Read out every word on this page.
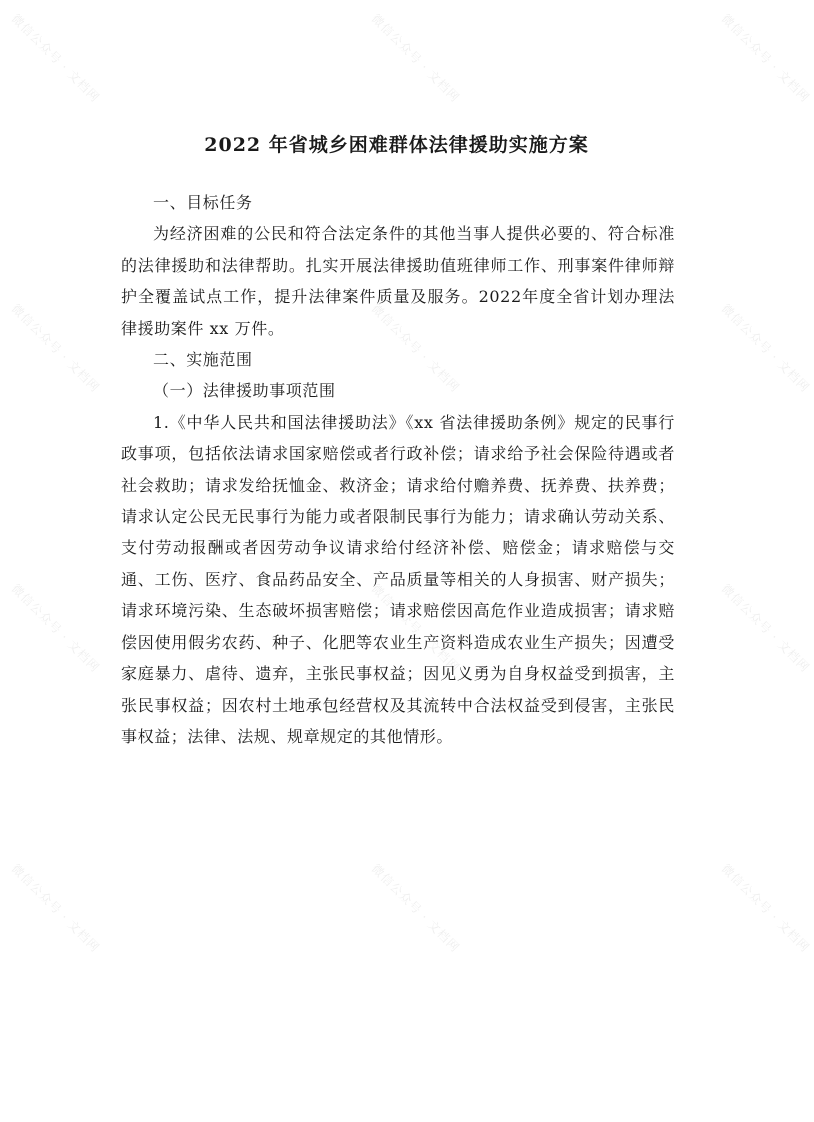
2022 年省城乡困难群体法律援助实施方案

一、目标任务

为经济困难的公民和符合法定条件的其他当事人提供必要的、符合标准的法律援助和法律帮助。扎实开展法律援助值班律师工作、刑事案件律师辩护全覆盖试点工作，提升法律案件质量及服务。2022年度全省计划办理法律援助案件 xx 万件。

二、实施范围

（一）法律援助事项范围

1.《中华人民共和国法律援助法》《xx 省法律援助条例》规定的民事行政事项，包括依法请求国家赔偿或者行政补偿；请求给予社会保险待遇或者社会救助；请求发给抚恤金、救济金；请求给付赡养费、抚养费、扶养费；请求认定公民无民事行为能力或者限制民事行为能力；请求确认劳动关系、支付劳动报酬或者因劳动争议请求给付经济补偿、赔偿金；请求赔偿与交通、工伤、医疗、食品药品安全、产品质量等相关的人身损害、财产损失；请求环境污染、生态破坏损害赔偿；请求赔偿因高危作业造成损害；请求赔偿因使用假劣农药、种子、化肥等农业生产资料造成农业生产损失；因遭受家庭暴力、虐待、遗弃，主张民事权益；因见义勇为自身权益受到损害，主张民事权益；因农村土地承包经营权及其流转中合法权益受到侵害，主张民事权益；法律、法规、规章规定的其他情形。

微信公众号 · 文档网	微信公众号 · 文档网	微信公众号 · 文档网
微信公众号 · 文档网	微信公众号 · 文档网	微信公众号 · 文档网
微信公众号 · 文档网	微信公众号 · 文档网	微信公众号 · 文档网
微信公众号 · 文档网	微信公众号 · 文档网	微信公众号 · 文档网
